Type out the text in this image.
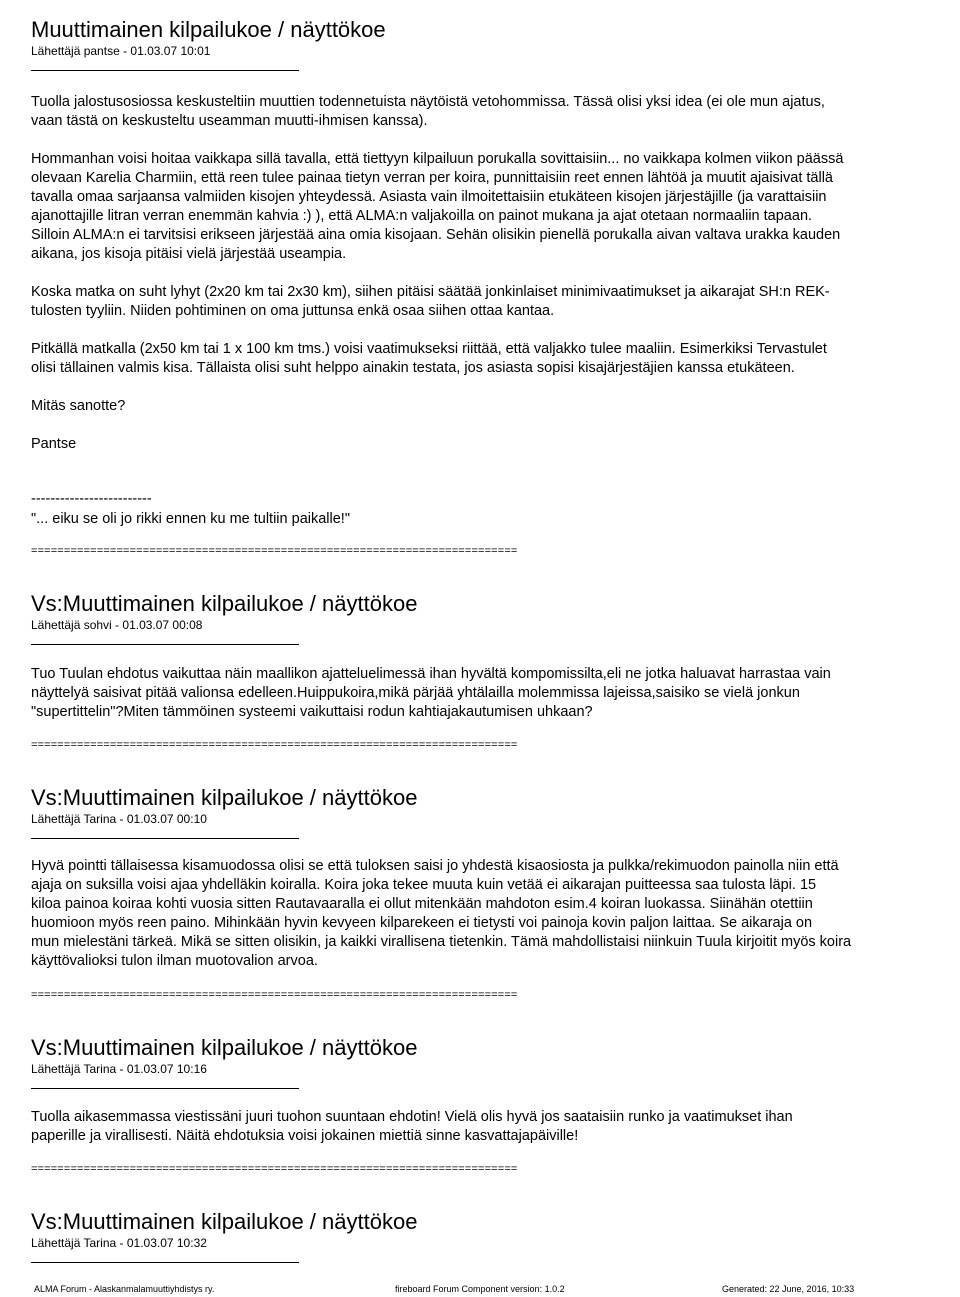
Muuttimainen kilpailukoe / näyttökoe
Lähettäjä pantse - 01.03.07 10:01

Tuolla jalostusosiossa keskusteltiin muuttien todennetuista näytöistä vetohommissa. Tässä olisi yksi idea (ei ole mun ajatus,

vaan tästä on keskusteltu useamman muutti-ihmisen kanssa).

Hommanhan voisi hoitaa vaikkapa sillä tavalla, että tiettyyn kilpailuun porukalla sovittaisiin... no vaikkapa kolmen viikon päässä

olevaan Karelia Charmiin, että reen tulee painaa tietyn verran per koira, punnittaisiin reet ennen lähtöä ja muutit ajaisivat tällä

tavalla omaa sarjaansa valmiiden kisojen yhteydessä. Asiasta vain ilmoitettaisiin etukäteen kisojen järjestäjille (ja varattaisiin

ajanottajille litran verran enemmän kahvia :) ), että ALMA:n valjakoilla on painot mukana ja ajat otetaan normaaliin tapaan.

Silloin ALMA:n ei tarvitsisi erikseen järjestää aina omia kisojaan. Sehän olisikin pienellä porukalla aivan valtava urakka kauden

aikana, jos kisoja pitäisi vielä järjestää useampia.

Koska matka on suht lyhyt (2x20 km tai 2x30 km), siihen pitäisi säätää jonkinlaiset minimivaatimukset ja aikarajat SH:n REK-

tulosten tyyliin. Niiden pohtiminen on oma juttunsa enkä osaa siihen ottaa kantaa.

Pitkällä matkalla (2x50 km tai 1 x 100 km tms.) voisi vaatimukseksi riittää, että valjakko tulee maaliin. Esimerkiksi Tervastulet

olisi tällainen valmis kisa. Tällaista olisi suht helppo ainakin testata, jos asiasta sopisi kisajärjestäjien kanssa etukäteen.

Mitäs sanotte?

Pantse

-------------------------
"... eiku se oli jo rikki ennen ku me tultiin paikalle!"
==========================================================================
Vs:Muuttimainen kilpailukoe / näyttökoe
Lähettäjä sohvi - 01.03.07 00:08

Tuo Tuulan ehdotus vaikuttaa näin maallikon ajatteluelimessä ihan hyvältä kompomissilta,eli ne jotka haluavat harrastaa vain

näyttelyä saisivat pitää valionsa edelleen.Huippukoira,mikä pärjää yhtälailla molemmissa lajeissa,saisiko se vielä jonkun

"supertittelin"?Miten tämmöinen systeemi vaikuttaisi rodun kahtiajakautumisen uhkaan?

==========================================================================
Vs:Muuttimainen kilpailukoe / näyttökoe
Lähettäjä Tarina - 01.03.07 00:10

Hyvä pointti tällaisessa kisamuodossa olisi se että tuloksen saisi jo yhdestä kisaosiosta ja pulkka/rekimuodon painolla niin että

ajaja on suksilla voisi ajaa yhdelläkin koiralla. Koira joka tekee muuta kuin vetää ei aikarajan puitteessa saa tulosta läpi. 15

kiloa painoa koiraa kohti vuosia sitten Rautavaaralla ei ollut mitenkään mahdoton esim.4 koiran luokassa. Siinähän otettiin

huomioon myös reen paino. Mihinkään hyvin kevyeen kilparekeen ei tietysti voi painoja kovin paljon laittaa. Se aikaraja on

mun mielestäni tärkeä. Mikä se sitten olisikin, ja kaikki virallisena tietenkin. Tämä mahdollistaisi niinkuin Tuula kirjoitit myös koira

käyttövalioksi tulon ilman muotovalion arvoa.

==========================================================================
Vs:Muuttimainen kilpailukoe / näyttökoe
Lähettäjä Tarina - 01.03.07 10:16

Tuolla aikasemmassa viestissäni juuri tuohon suuntaan ehdotin! Vielä olis hyvä jos saataisiin runko ja vaatimukset ihan

paperille ja virallisesti. Näitä ehdotuksia voisi jokainen miettiä sinne kasvattajapäiville!

==========================================================================
Vs:Muuttimainen kilpailukoe / näyttökoe
Lähettäjä Tarina - 01.03.07 10:32
ALMA Forum - Alaskanmalamuuttiyhdistys ry.	fireboard Forum Component version: 1.0.2	Generated: 22 June, 2016, 10:33
